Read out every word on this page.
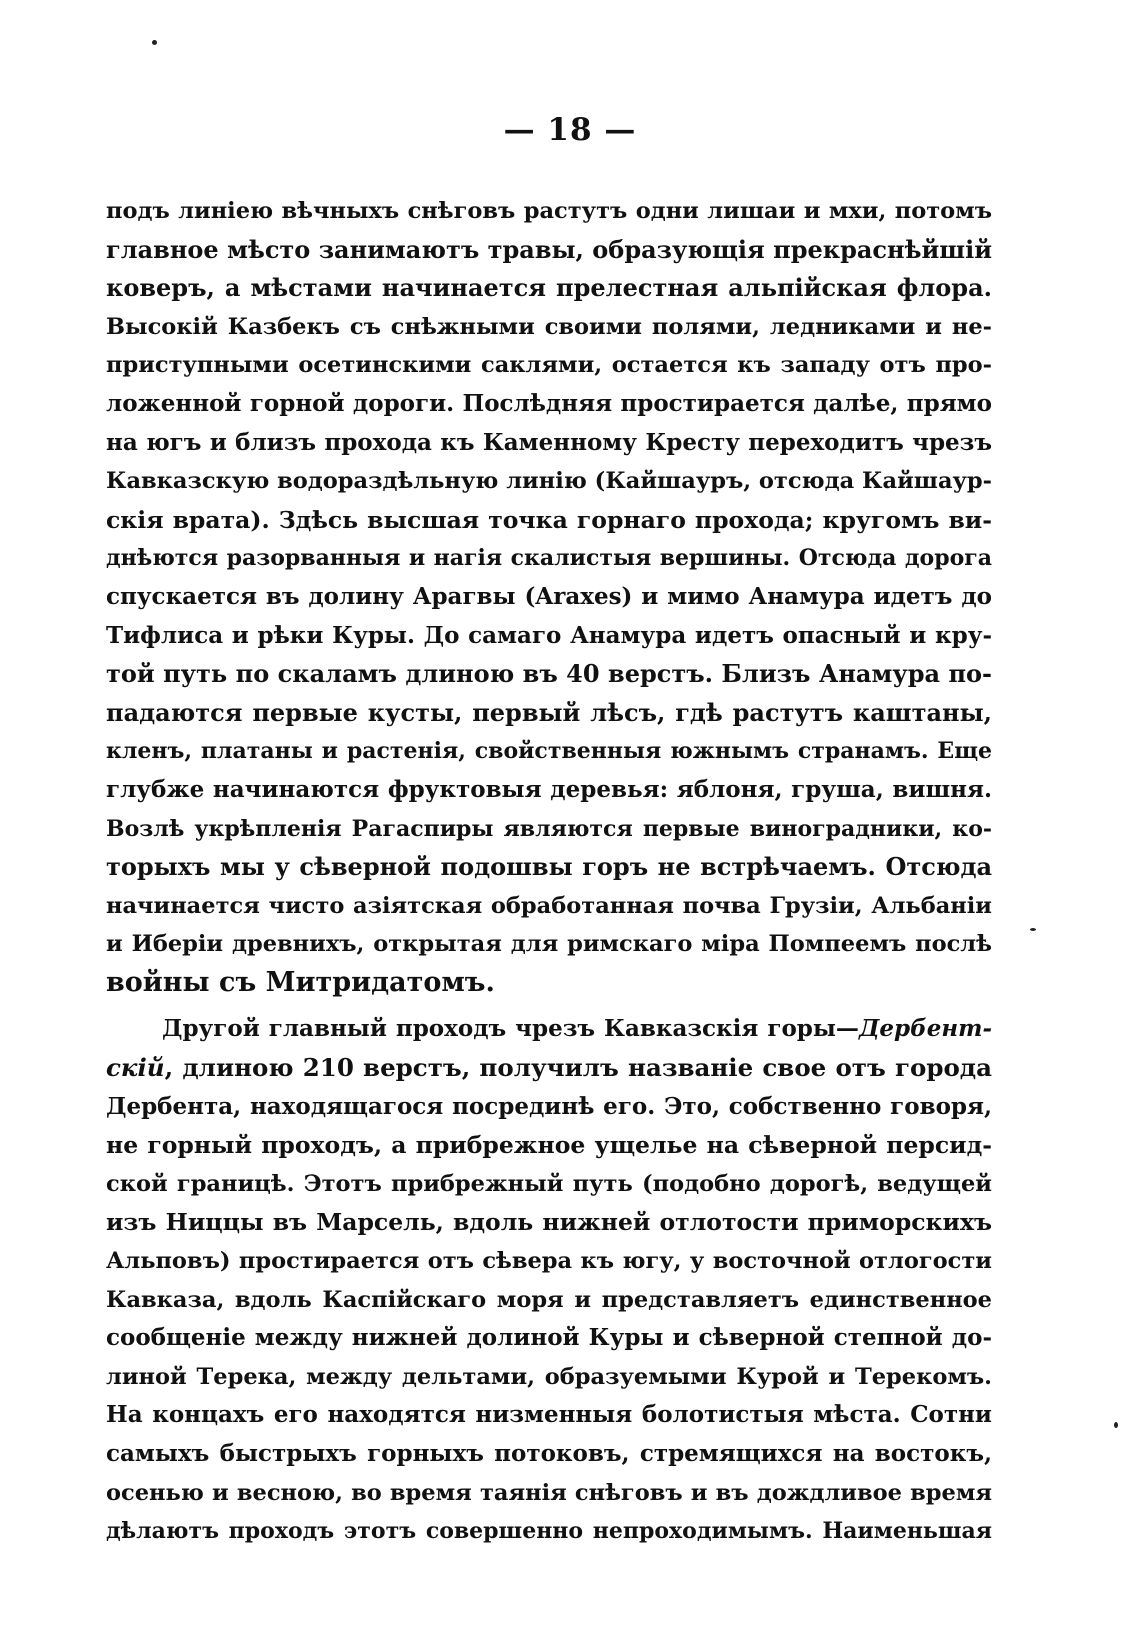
— 18 —
подъ линіею вѣчныхъ снѣговъ растутъ одни лишаи и мхи, потомъ
главное мѣсто занимаютъ травы, образующія прекраснѣйшій
коверъ, а мѣстами начинается прелестная альпійская флора.
Высокій Казбекъ съ снѣжными своими полями, ледниками и не-
приступными осетинскими саклями, остается къ западу отъ про-
ложенной горной дороги. Послѣдняя простирается далѣе, прямо
на югъ и близъ прохода къ Каменному Кресту переходитъ чрезъ
Кавказскую водораздѣльную линію (Кайшауръ, отсюда Кайшаур-
скія врата). Здѣсь высшая точка горнаго прохода; кругомъ ви-
днѣются разорванныя и нагія скалистыя вершины. Отсюда дорога
спускается въ долину Арагвы (Araxes) и мимо Анамура идетъ до
Тифлиса и рѣки Куры. До самаго Анамура идетъ опасный и кру-
той путь по скаламъ длиною въ 40 верстъ. Близъ Анамура по-
падаются первые кусты, первый лѣсъ, гдѣ растутъ каштаны,
кленъ, платаны и растенія, свойственныя южнымъ странамъ. Еще
глубже начинаются фруктовыя деревья: яблоня, груша, вишня.
Возлѣ укрѣпленія Рагаспиры являются первые виноградники, ко-
торыхъ мы у сѣверной подошвы горъ не встрѣчаемъ. Отсюда
начинается чисто азіятская обработанная почва Грузіи, Альбаніи
и Иберіи древнихъ, открытая для римскаго міра Помпеемъ послѣ
войны съ Митридатомъ.
Другой главный проходъ чрезъ Кавказскія горы—Дербент-
скій, длиною 210 верстъ, получилъ названіе свое отъ города
Дербента, находящагося посрединѣ его. Это, собственно говоря,
не горный проходъ, а прибрежное ущелье на сѣверной персид-
ской границѣ. Этотъ прибрежный путь (подобно дорогѣ, ведущей
изъ Ниццы въ Марсель, вдоль нижней отлотости приморскихъ
Альповъ) простирается отъ сѣвера къ югу, у восточной отлогости
Кавказа, вдоль Каспійскаго моря и представляетъ единственное
сообщеніе между нижней долиной Куры и сѣверной степной до-
линой Терека, между дельтами, образуемыми Курой и Терекомъ.
На концахъ его находятся низменныя болотистыя мѣста. Сотни
самыхъ быстрыхъ горныхъ потоковъ, стремящихся на востокъ,
осенью и весною, во время таянія снѣговъ и въ дождливое время
дѣлаютъ проходъ этотъ совершенно непроходимымъ. Наименьшая
